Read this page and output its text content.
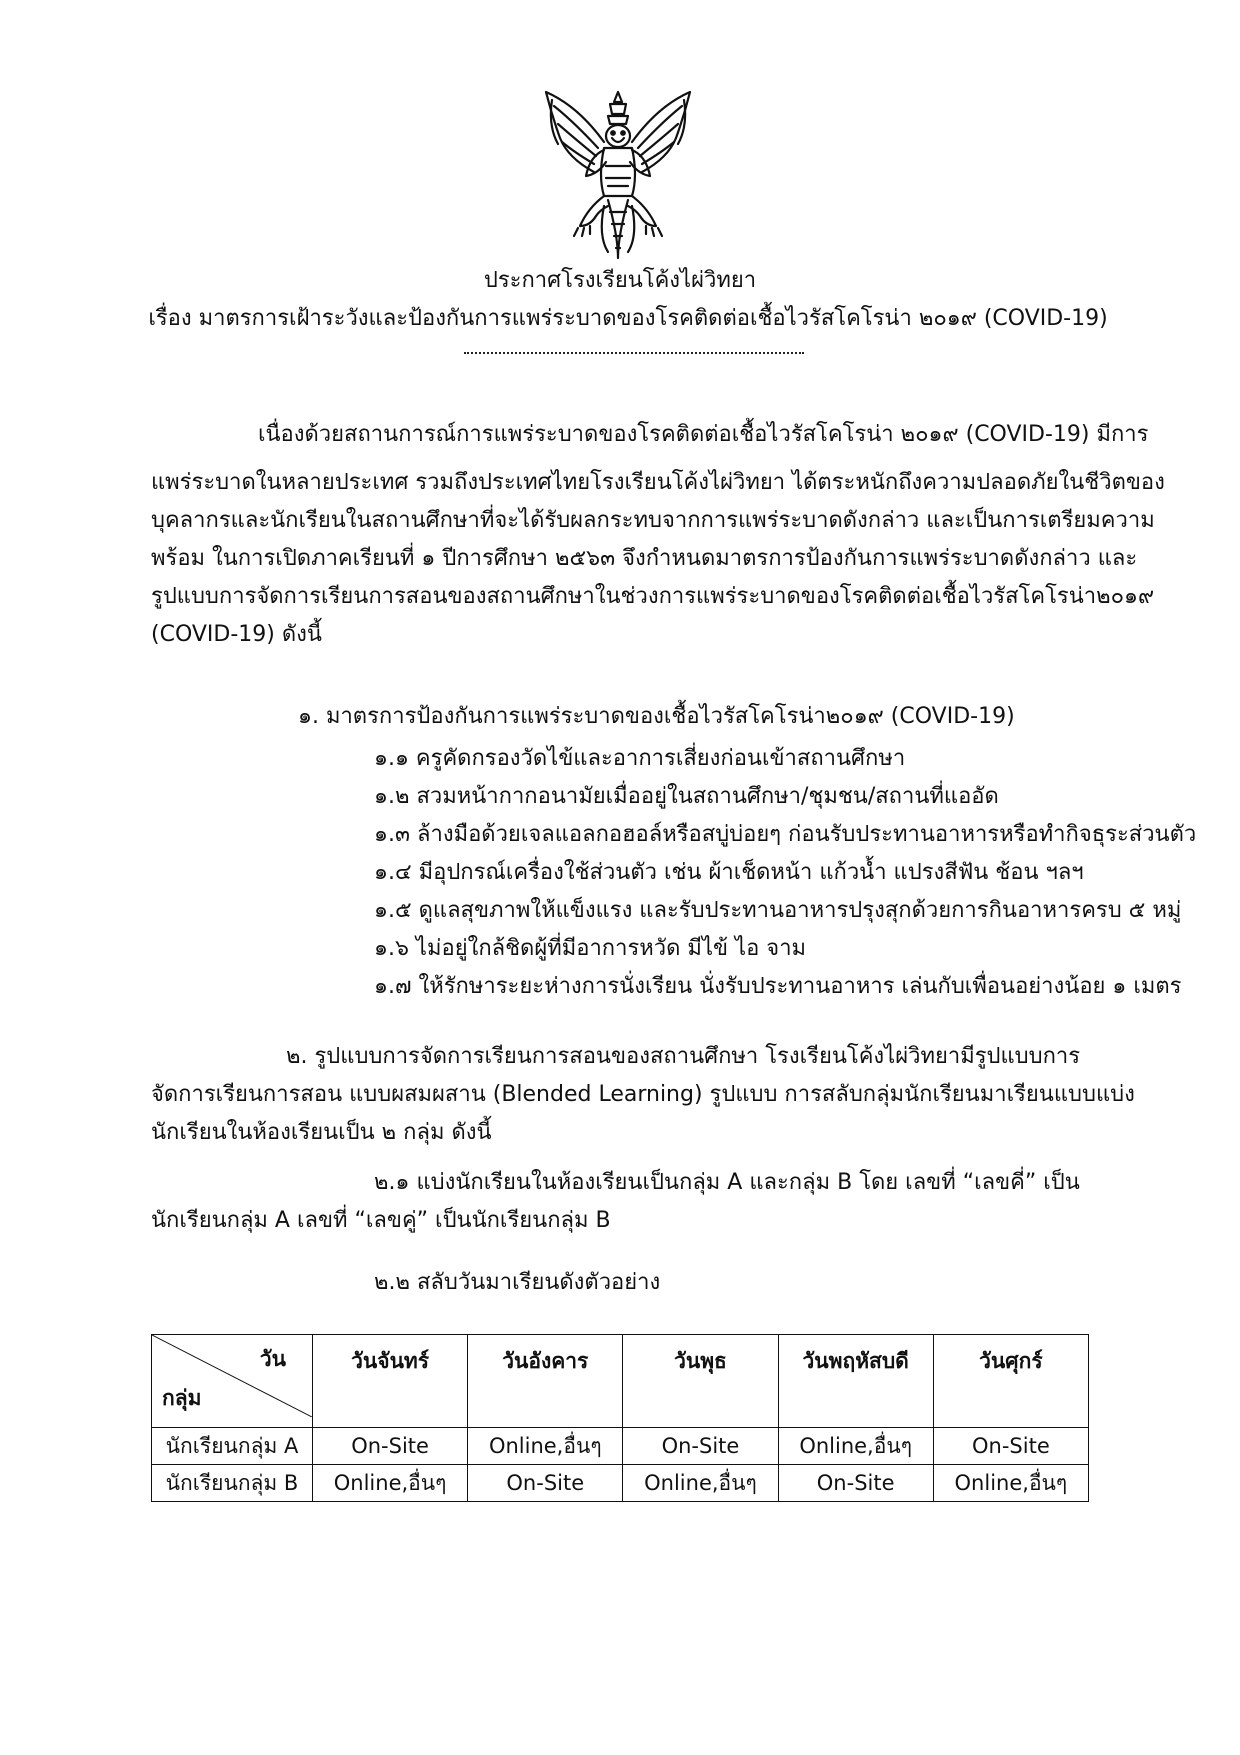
ประกาศโรงเรียนโค้งไผ่วิทยา
เรื่อง มาตรการเฝ้าระวังและป้องกันการแพร่ระบาดของโรคติดต่อเชื้อไวรัสโคโรน่า ๒๐๑๙ (COVID-19)
เนื่องด้วยสถานการณ์การแพร่ระบาดของโรคติดต่อเชื้อไวรัสโคโรน่า ๒๐๑๙ (COVID-19) มีการ
แพร่ระบาดในหลายประเทศ รวมถึงประเทศไทยโรงเรียนโค้งไผ่วิทยา ได้ตระหนักถึงความปลอดภัยในชีวิตของ
บุคลากรและนักเรียนในสถานศึกษาที่จะได้รับผลกระทบจากการแพร่ระบาดดังกล่าว และเป็นการเตรียมความ
พร้อม ในการเปิดภาคเรียนที่ ๑ ปีการศึกษา ๒๕๖๓ จึงกำหนดมาตรการป้องกันการแพร่ระบาดดังกล่าว และ
รูปแบบการจัดการเรียนการสอนของสถานศึกษาในช่วงการแพร่ระบาดของโรคติดต่อเชื้อไวรัสโคโรน่า๒๐๑๙
(COVID-19) ดังนี้
๑. มาตรการป้องกันการแพร่ระบาดของเชื้อไวรัสโคโรน่า๒๐๑๙ (COVID-19)
๑.๑ ครูคัดกรองวัดไข้และอาการเสี่ยงก่อนเข้าสถานศึกษา
๑.๒ สวมหน้ากากอนามัยเมื่ออยู่ในสถานศึกษา/ชุมชน/สถานที่แออัด
๑.๓ ล้างมือด้วยเจลแอลกอฮอล์หรือสบู่บ่อยๆ ก่อนรับประทานอาหารหรือทำกิจธุระส่วนตัว
๑.๔ มีอุปกรณ์เครื่องใช้ส่วนตัว เช่น ผ้าเช็ดหน้า แก้วน้ำ แปรงสีฟัน ช้อน ฯลฯ
๑.๕ ดูแลสุขภาพให้แข็งแรง และรับประทานอาหารปรุงสุกด้วยการกินอาหารครบ ๕ หมู่
๑.๖ ไม่อยู่ใกล้ชิดผู้ที่มีอาการหวัด มีไข้ ไอ จาม
๑.๗ ให้รักษาระยะห่างการนั่งเรียน นั่งรับประทานอาหาร เล่นกับเพื่อนอย่างน้อย ๑ เมตร
๒. รูปแบบการจัดการเรียนการสอนของสถานศึกษา โรงเรียนโค้งไผ่วิทยามีรูปแบบการ
จัดการเรียนการสอน แบบผสมผสาน (Blended Learning) รูปแบบ การสลับกลุ่มนักเรียนมาเรียนแบบแบ่ง
นักเรียนในห้องเรียนเป็น ๒ กลุ่ม ดังนี้
๒.๑ แบ่งนักเรียนในห้องเรียนเป็นกลุ่ม A และกลุ่ม B โดย เลขที่ “เลขคี่” เป็น
นักเรียนกลุ่ม A เลขที่ “เลขคู่” เป็นนักเรียนกลุ่ม B
๒.๒ สลับวันมาเรียนดังตัวอย่าง
วัน
กลุ่ม	วันจันทร์	วันอังคาร	วันพุธ	วันพฤหัสบดี	วันศุกร์
นักเรียนกลุ่ม A	On-Site	Online,อื่นๆ	On-Site	Online,อื่นๆ	On-Site
นักเรียนกลุ่ม B	Online,อื่นๆ	On-Site	Online,อื่นๆ	On-Site	Online,อื่นๆ
